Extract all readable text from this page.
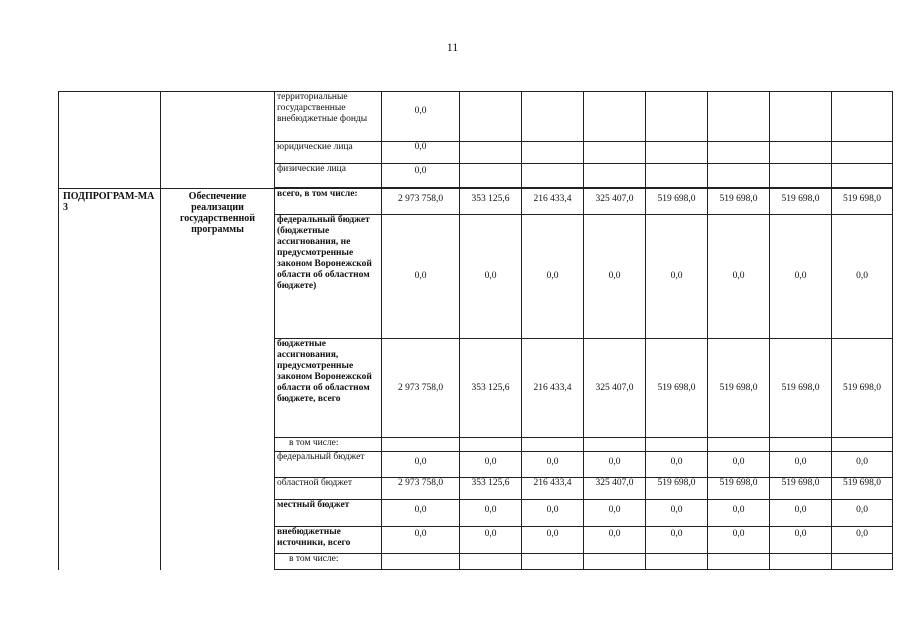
11
		территориальные государственные внебюджетные фонды	0,0							
		юридические лица	0,0							
		физические лица	0,0							
ПОДПРОГРАМ-МА 3	Обеспечение реализации государственной программы	всего, в том числе:	2 973 758,0	353 125,6	216 433,4	325 407,0	519 698,0	519 698,0	519 698,0	519 698,0
		федеральный бюджет (бюджетные ассигнования, не предусмотренные законом Воронежской области об областном бюджете)	0,0	0,0	0,0	0,0	0,0	0,0	0,0	0,0
		бюджетные ассигнования, предусмотренные законом Воронежской области об областном бюджете, всего	2 973 758,0	353 125,6	216 433,4	325 407,0	519 698,0	519 698,0	519 698,0	519 698,0
		в том числе:								
		федеральный бюджет	0,0	0,0	0,0	0,0	0,0	0,0	0,0	0,0
		областной бюджет	2 973 758,0	353 125,6	216 433,4	325 407,0	519 698,0	519 698,0	519 698,0	519 698,0
		местный бюджет	0,0	0,0	0,0	0,0	0,0	0,0	0,0	0,0
		внебюджетные источники, всего	0,0	0,0	0,0	0,0	0,0	0,0	0,0	0,0
		в том числе:								
